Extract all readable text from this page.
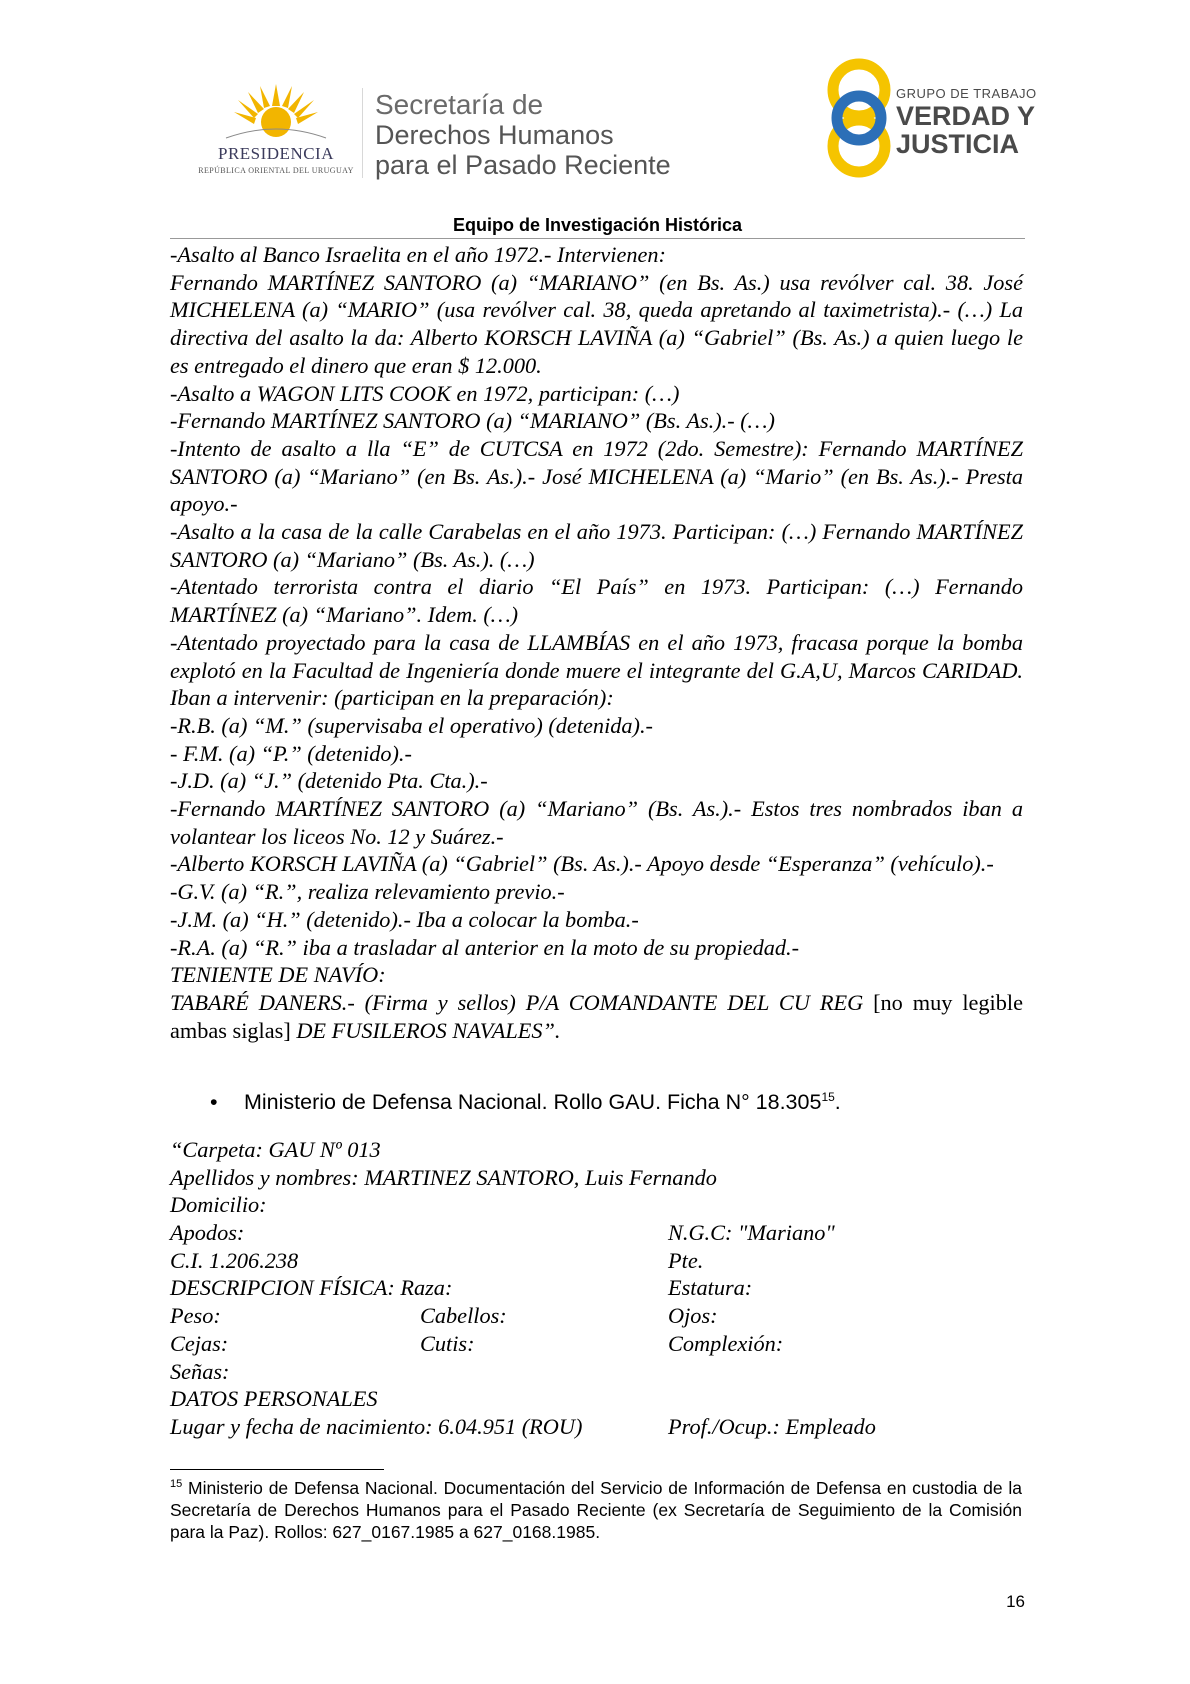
PRESIDENCIA
REPÚBLICA ORIENTAL DEL URUGUAY
Secretaría de
Derechos Humanos
para el Pasado Reciente
GRUPO DE TRABAJO
VERDAD Y
JUSTICIA
Equipo de Investigación Histórica

-Asalto al Banco Israelita en el año 1972.- Intervienen:

Fernando MARTÍNEZ SANTORO (a) “MARIANO” (en Bs. As.) usa revólver cal. 38. José MICHELENA (a) “MARIO” (usa revólver cal. 38, queda apretando al taximetrista).- (…) La directiva del asalto la da: Alberto KORSCH LAVIÑA (a) “Gabriel” (Bs. As.) a quien luego le es entregado el dinero que eran $ 12.000.

-Asalto a WAGON LITS COOK en 1972, participan: (…)

-Fernando MARTÍNEZ SANTORO (a) “MARIANO” (Bs. As.).- (…)

-Intento de asalto a lla “E” de CUTCSA en 1972 (2do. Semestre): Fernando MARTÍNEZ SANTORO (a) “Mariano” (en Bs. As.).- José MICHELENA (a) “Mario” (en Bs. As.).- Presta apoyo.-

-Asalto a la casa de la calle Carabelas en el año 1973. Participan: (…) Fernando MARTÍNEZ SANTORO (a) “Mariano” (Bs. As.). (…)

-Atentado terrorista contra el diario “El País” en 1973. Participan: (…) Fernando MARTÍNEZ (a) “Mariano”. Idem. (…)

-Atentado proyectado para la casa de LLAMBÍAS en el año 1973, fracasa porque la bomba explotó en la Facultad de Ingeniería donde muere el integrante del G.A,U, Marcos CARIDAD. Iban a intervenir: (participan en la preparación):

-R.B. (a) “M.” (supervisaba el operativo) (detenida).-

- F.M. (a) “P.” (detenido).-

-J.D. (a) “J.” (detenido Pta. Cta.).-

-Fernando MARTÍNEZ SANTORO (a) “Mariano” (Bs. As.).- Estos tres nombrados iban a volantear los liceos No. 12 y Suárez.-

-Alberto KORSCH LAVIÑA (a) “Gabriel” (Bs. As.).- Apoyo desde “Esperanza” (vehículo).-

-G.V. (a) “R.”, realiza relevamiento previo.-

-J.M. (a) “H.” (detenido).- Iba a colocar la bomba.-

-R.A. (a) “R.” iba a trasladar al anterior en la moto de su propiedad.-

TENIENTE DE NAVÍO:

TABARÉ DANERS.- (Firma y sellos) P/A COMANDANTE DEL CU REG [no muy legible ambas siglas] DE FUSILEROS NAVALES”.

• Ministerio de Defensa Nacional. Rollo GAU. Ficha N° 18.305$^{15}$.
“Carpeta: GAU Nº 013
Apellidos y nombres: MARTINEZ SANTORO, Luis Fernando
Domicilio:
Apodos:	N.G.C: "Mariano"
C.I. 1.206.238	Pte.
DESCRIPCION FÍSICA: Raza:	Estatura:
Peso:	Cabellos:	Ojos:
Cejas:	Cutis:	Complexión:
Señas:
DATOS PERSONALES
Lugar y fecha de nacimiento: 6.04.951 (ROU)	Prof./Ocup.: Empleado
$^{15}$ Ministerio de Defensa Nacional. Documentación del Servicio de Información de Defensa en custodia de la Secretaría de Derechos Humanos para el Pasado Reciente (ex Secretaría de Seguimiento de la Comisión para la Paz). Rollos: 627_0167.1985 a 627_0168.1985.
16
